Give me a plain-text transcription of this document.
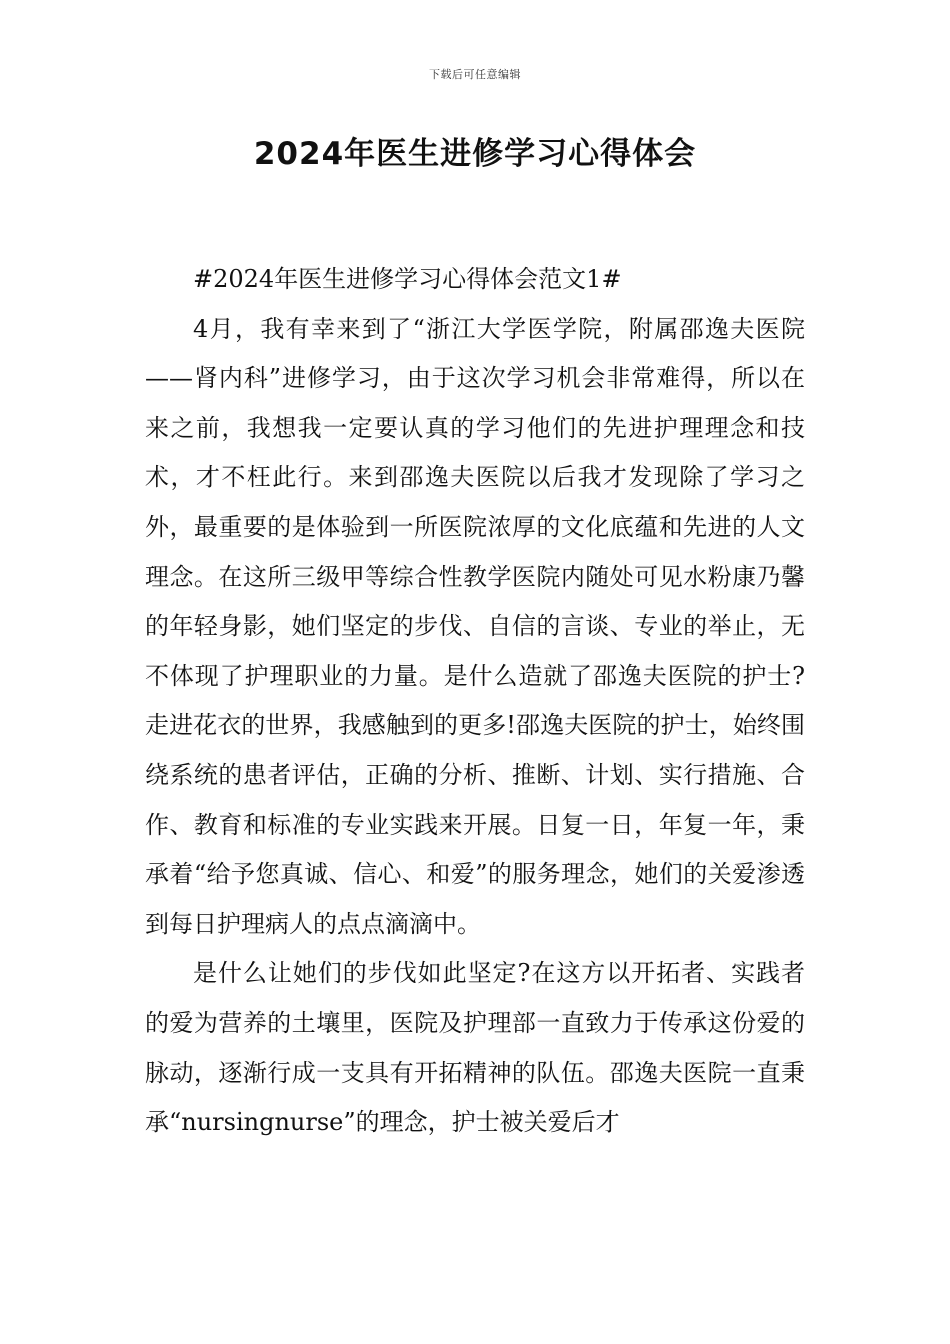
下载后可任意编辑
2024年医生进修学习心得体会

#2024年医生进修学习心得体会范文1#

4月，我有幸来到了“浙江大学医学院，附属邵逸夫医院——肾内科”进修学习，由于这次学习机会非常难得，所以在来之前，我想我一定要认真的学习他们的先进护理理念和技术，才不枉此行。来到邵逸夫医院以后我才发现除了学习之外，最重要的是体验到一所医院浓厚的文化底蕴和先进的人文理念。在这所三级甲等综合性教学医院内随处可见水粉康乃馨的年轻身影，她们坚定的步伐、自信的言谈、专业的举止，无不体现了护理职业的力量。是什么造就了邵逸夫医院的护士?走进花衣的世界，我感触到的更多!邵逸夫医院的护士，始终围绕系统的患者评估，正确的分析、推断、计划、实行措施、合作、教育和标准的专业实践来开展。日复一日，年复一年，秉承着“给予您真诚、信心、和爱”的服务理念，她们的关爱渗透到每日护理病人的点点滴滴中。

是什么让她们的步伐如此坚定?在这方以开拓者、实践者的爱为营养的土壤里，医院及护理部一直致力于传承这份爱的脉动，逐渐行成一支具有开拓精神的队伍。邵逸夫医院一直秉承“nursingnurse”的理念，护士被关爱后才
